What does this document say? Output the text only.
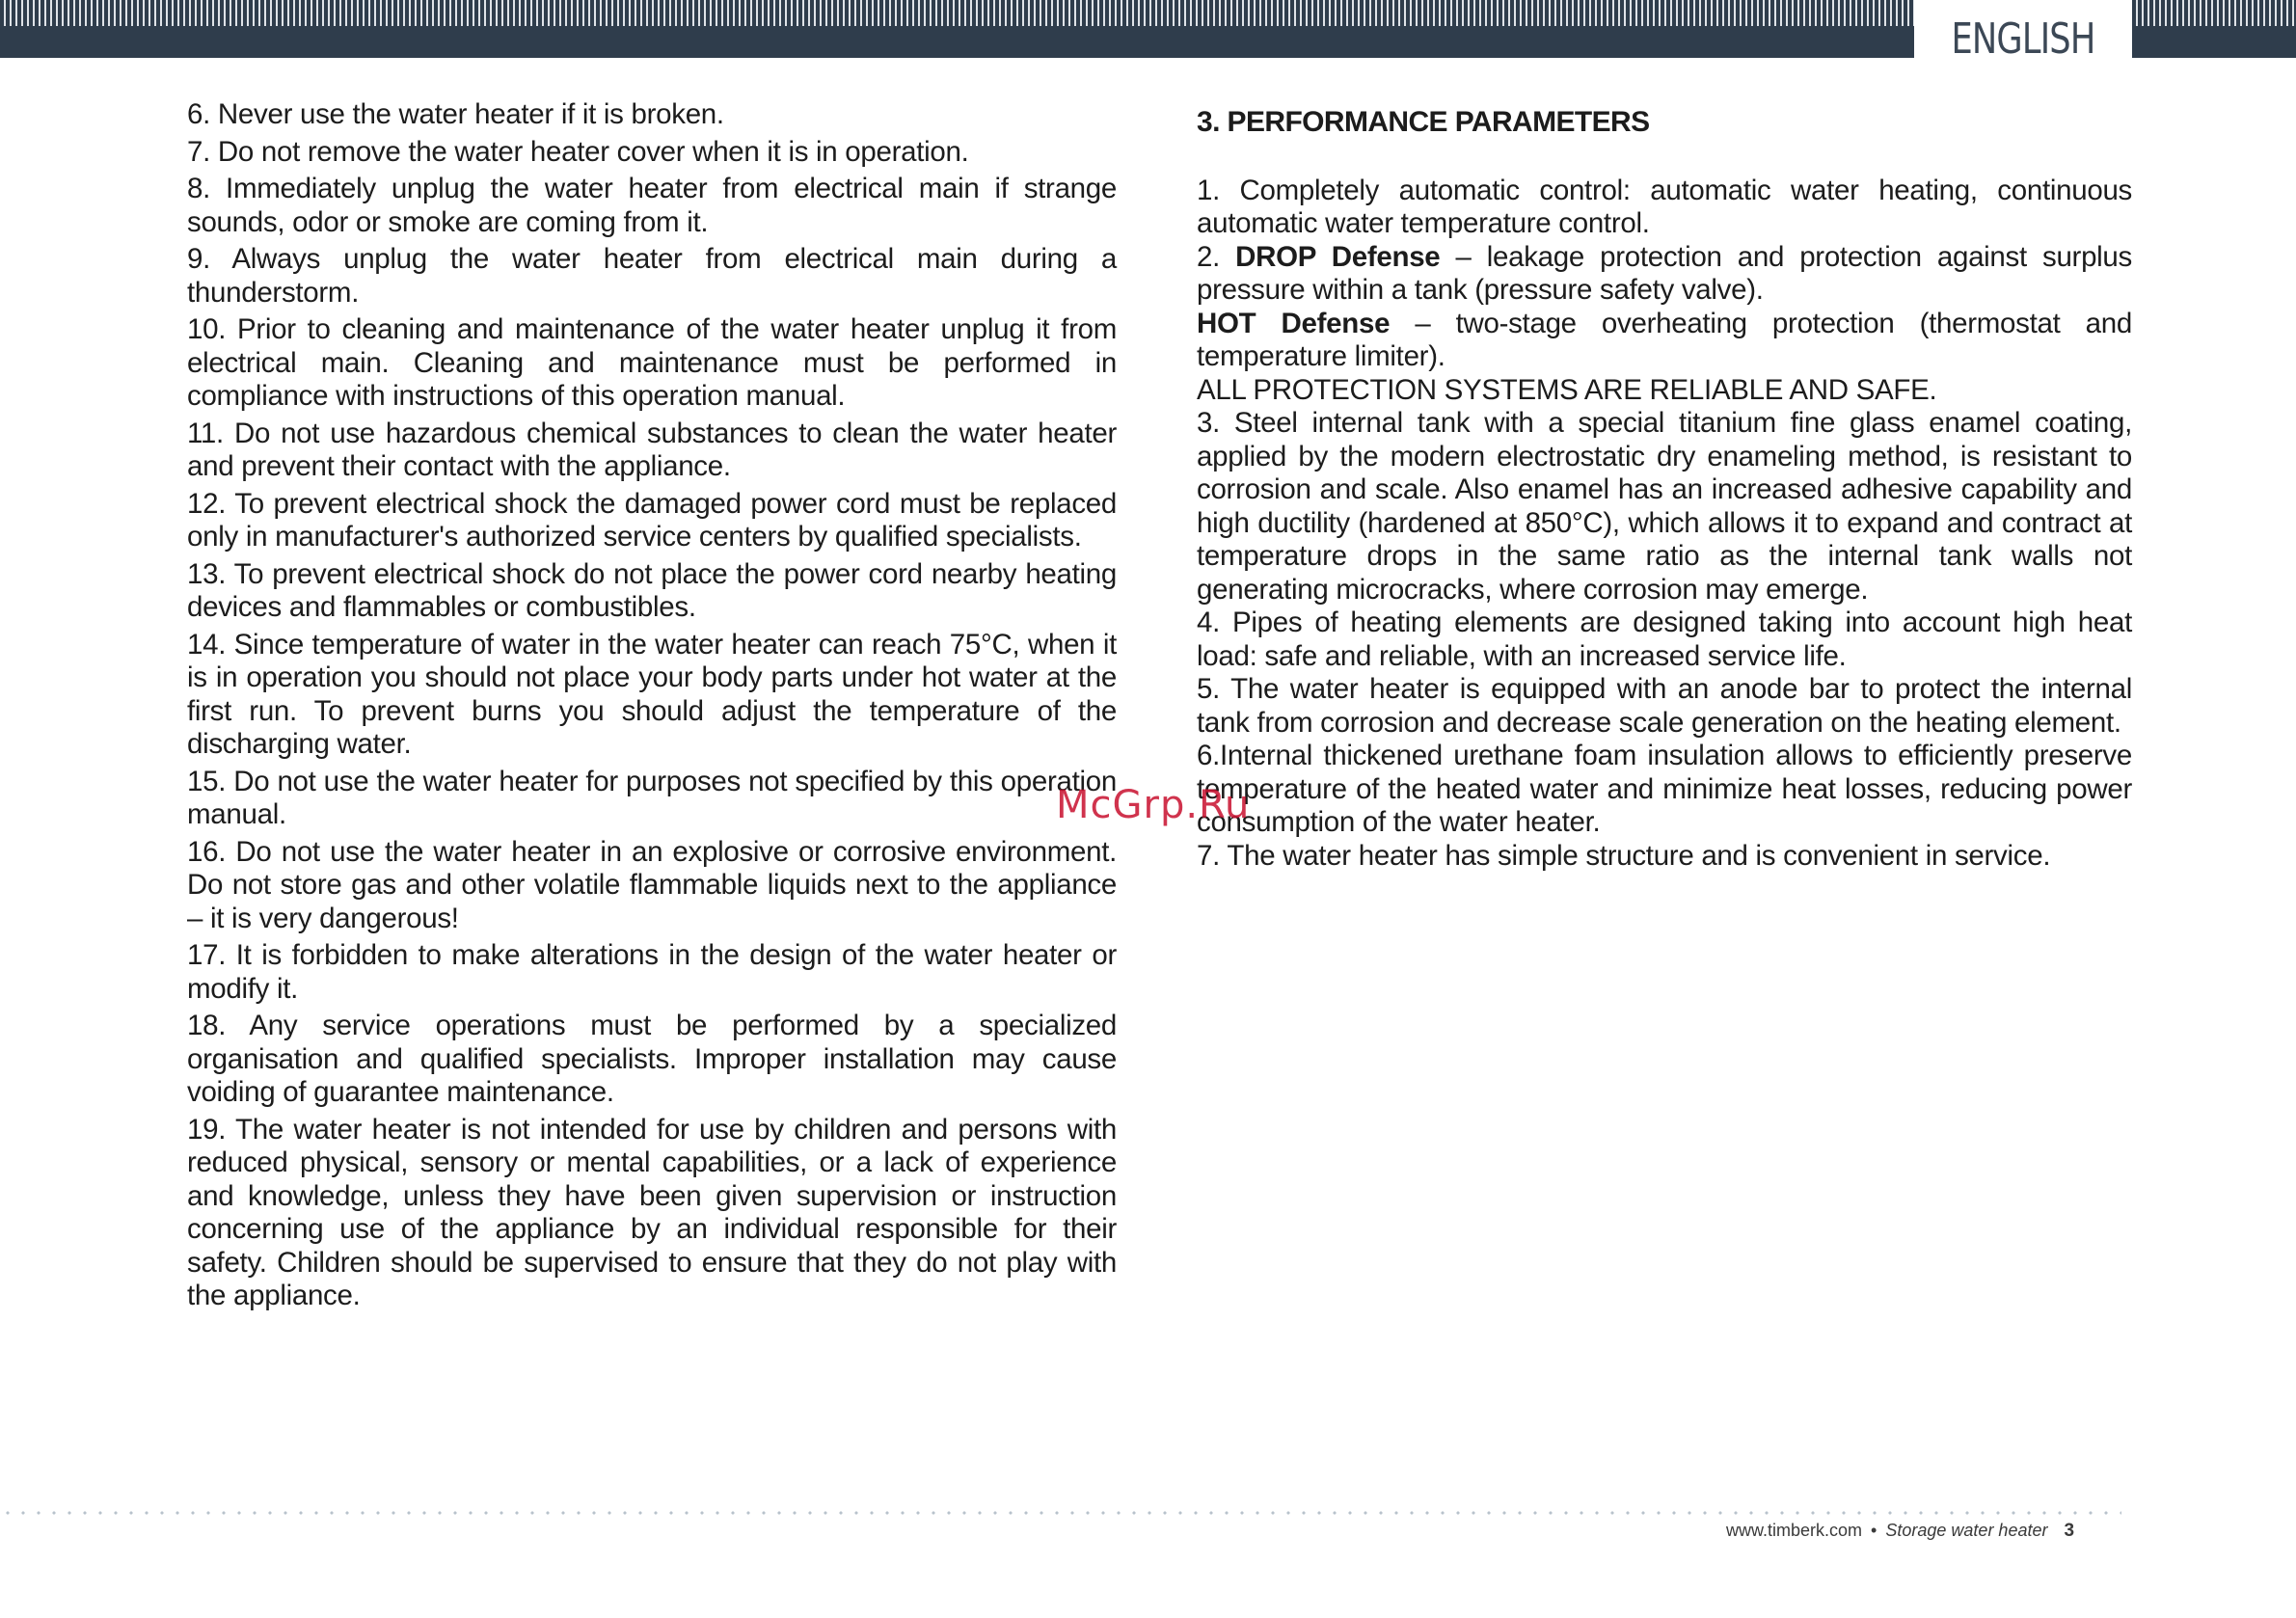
ENGLISH

6. Never use the water heater if it is broken.

7. Do not remove the water heater cover when it is in operation.

8. Immediately unplug the water heater from electrical main if strange sounds, odor or smoke are coming from it.

9. Always unplug the water heater from electrical main during a thunderstorm.

10. Prior to cleaning and maintenance of the water heater unplug it from electrical main. Cleaning and maintenance must be performed in compliance with instructions of this operation manual.

11. Do not use hazardous chemical substances to clean the water heater and prevent their contact with the appliance.

12. To prevent electrical shock the damaged power cord must be replaced only in manufacturer's authorized service centers by qualified specialists.

13. To prevent electrical shock do not place the power cord nearby heating devices and flammables or combustibles.

14. Since temperature of water in the water heater can reach 75°C, when it is in operation you should not place your body parts under hot water at the first run. To prevent burns you should adjust the temperature of the discharging water.

15. Do not use the water heater for purposes not specified by this operation manual.

16. Do not use the water heater in an explosive or corrosive environment. Do not store gas and other volatile flammable liquids next to the appliance – it is very dangerous!

17. It is forbidden to make alterations in the design of the water heater or modify it.

18. Any service operations must be performed by a specialized organisation and qualified specialists. Improper installation may cause voiding of guarantee maintenance.

19. The water heater is not intended for use by children and persons with reduced physical, sensory or mental capabilities, or a lack of experience and knowledge, unless they have been given supervision or instruction concerning use of the appliance by an individual responsible for their safety. Children should be supervised to ensure that they do not play with the appliance.

3. PERFORMANCE PARAMETERS

1. Completely automatic control: automatic water heating, continuous automatic water temperature control.

2. DROP Defense – leakage protection and protection against surplus pressure within a tank (pressure safety valve).

HOT Defense – two-stage overheating protection (thermostat and temperature limiter).

ALL PROTECTION SYSTEMS ARE RELIABLE AND SAFE.

3. Steel internal tank with a special titanium fine glass enamel coating, applied by the modern electrostatic dry enameling method, is resistant to corrosion and scale. Also enamel has an increased adhesive capability and high ductility (hardened at 850°C), which allows it to expand and contract at temperature drops in the same ratio as the internal tank walls not generating microcracks, where corrosion may emerge.

4. Pipes of heating elements are designed taking into account high heat load: safe and reliable, with an increased service life.

5. The water heater is equipped with an anode bar to protect the internal tank from corrosion and decrease scale generation on the heating element.

6.Internal thickened urethane foam insulation allows to efficiently preserve temperature of the heated water and minimize heat losses, reducing power consumption of the water heater.

7. The water heater has simple structure and is convenient in service.

McGrp.Ru
www.timberk.com • Storage water heater 3
